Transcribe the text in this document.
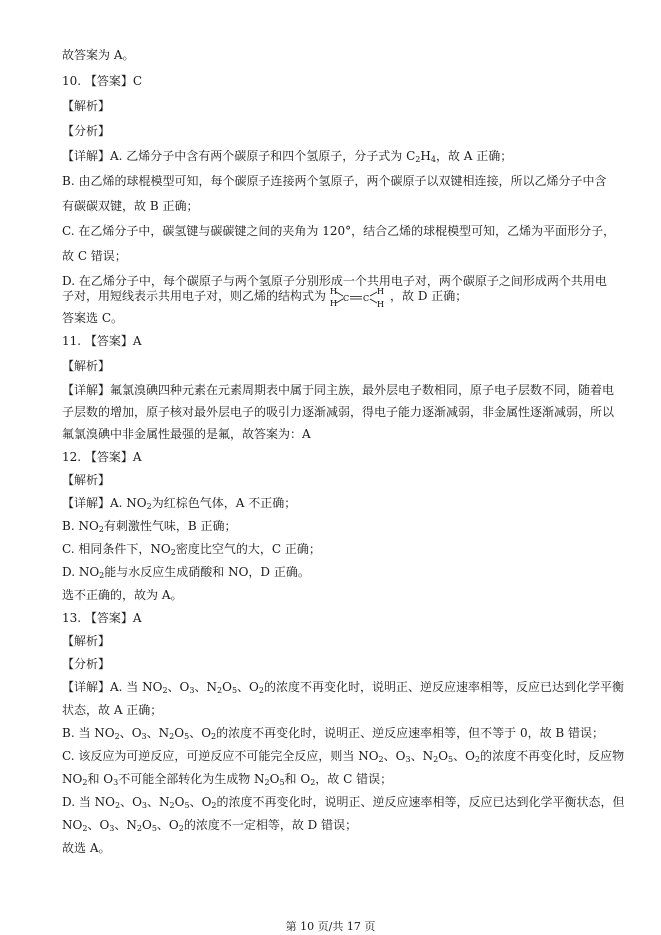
故答案为 A。
10. 【答案】C
【解析】
【分析】
【详解】A. 乙烯分子中含有两个碳原子和四个氢原子，分子式为 $C_2H_4$，故 A 正确；
B. 由乙烯的球棍模型可知，每个碳原子连接两个氢原子，两个碳原子以双键相连接，所以乙烯分子中含
有碳碳双键，故 B 正确；
C. 在乙烯分子中，碳氢键与碳碳键之间的夹角为 120°，结合乙烯的球棍模型可知，乙烯为平面形分子，
故 C 错误；
D. 在乙烯分子中，每个碳原子与两个氢原子分别形成一个共用电子对，两个碳原子之间形成两个共用电
子对，用短线表示共用电子对，则乙烯的结构式为 H
H
C C
H
H
，故 D 正确；
答案选 C。
11. 【答案】A
【解析】
【详解】氟氯溴碘四种元素在元素周期表中属于同主族，最外层电子数相同，原子电子层数不同，随着电
子层数的增加，原子核对最外层电子的吸引力逐渐减弱，得电子能力逐渐减弱，非金属性逐渐减弱，所以
氟氯溴碘中非金属性最强的是氟，故答案为：A
12. 【答案】A
【解析】
【详解】A. $NO_2$为红棕色气体，A 不正确；
B. $NO_2$有刺激性气味，B 正确；
C. 相同条件下，$NO_2$密度比空气的大，C 正确；
D. $NO_2$能与水反应生成硝酸和 NO，D 正确。
选不正确的，故为 A。
13. 【答案】A
【解析】
【分析】
【详解】A. 当 $NO_2$、$O_3$、$N_2O_5$、$O_2$的浓度不再变化时，说明正、逆反应速率相等，反应已达到化学平衡
状态，故 A 正确；
B. 当 $NO_2$、$O_3$、$N_2O_5$、$O_2$的浓度不再变化时，说明正、逆反应速率相等，但不等于 0，故 B 错误；
C. 该反应为可逆反应，可逆反应不可能完全反应，则当 $NO_2$、$O_3$、$N_2O_5$、$O_2$的浓度不再变化时，反应物
$NO_2$和 $O_3$不可能全部转化为生成物 $N_2O_5$和 $O_2$，故 C 错误；
D. 当 $NO_2$、$O_3$、$N_2O_5$、$O_2$的浓度不再变化时，说明正、逆反应速率相等，反应已达到化学平衡状态，但
$NO_2$、$O_3$、$N_2O_5$、$O_2$的浓度不一定相等，故 D 错误；
故选 A。
第 10 页/共 17 页
